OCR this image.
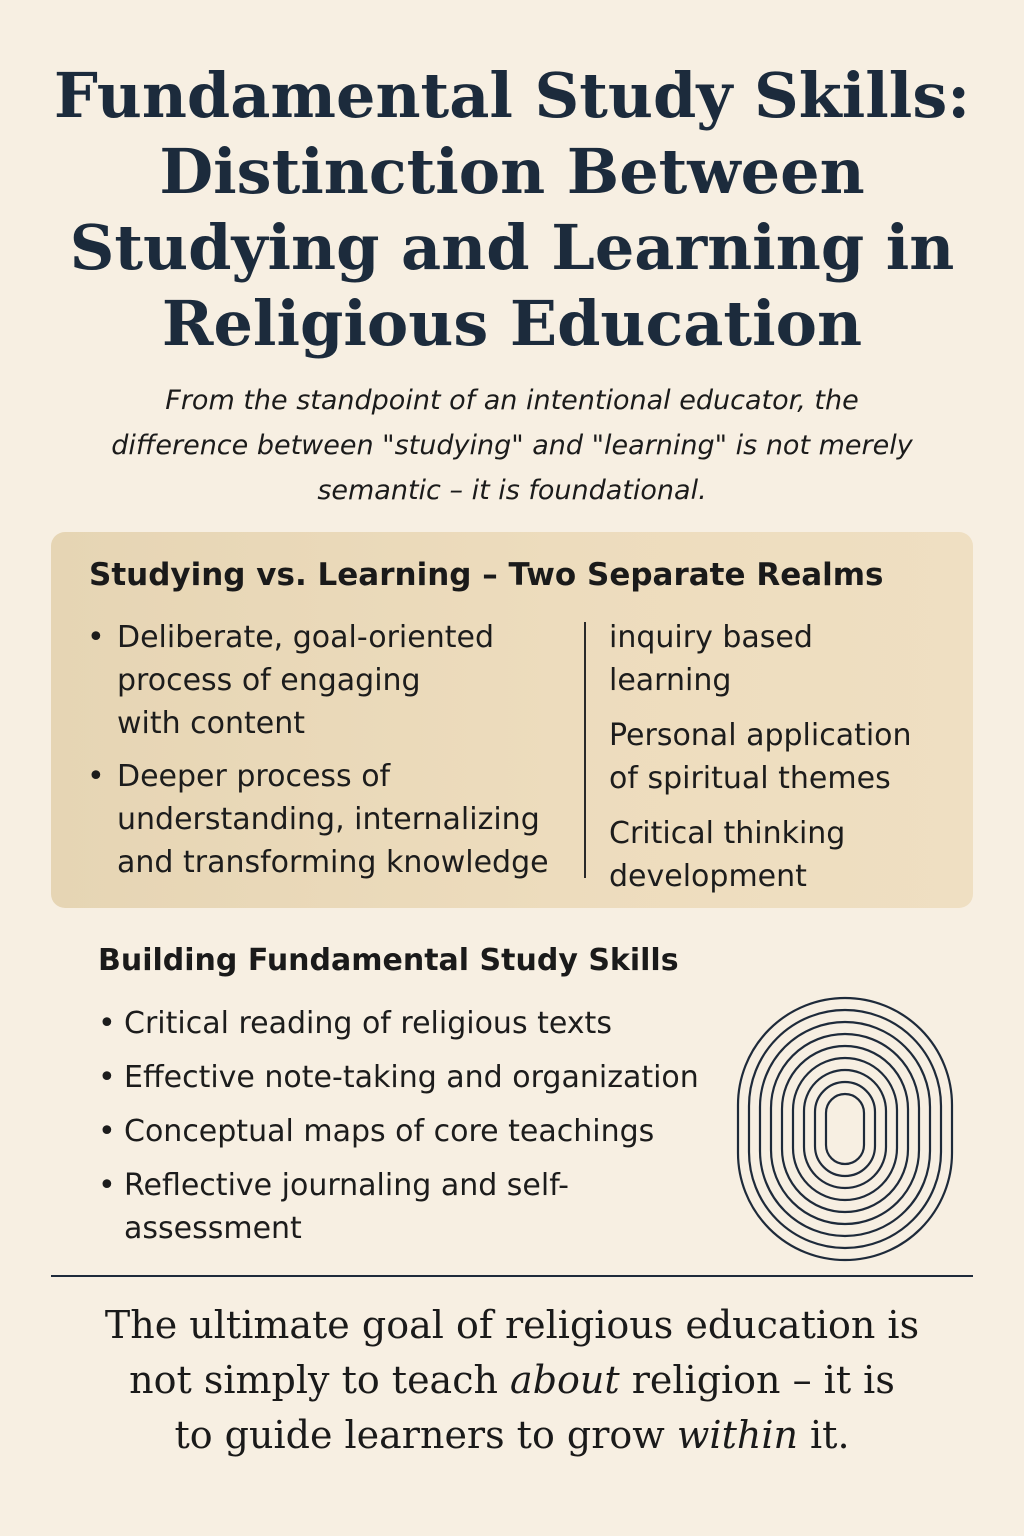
Fundamental Study Skills:
Distinction Between
Studying and Learning in
Religious Education
From the standpoint of an intentional educator, the
difference between "studying" and "learning" is not merely
semantic – it is foundational.
Studying vs. Learning – Two Separate Realms
• Deliberate, goal-oriented
process of engaging
with content
• Deeper process of
understanding, internalizing
and transforming knowledge
inquiry based
learning
Personal application
of spiritual themes
Critical thinking
development
Building Fundamental Study Skills
• Critical reading of religious texts
• Effective note-taking and organization
• Conceptual maps of core teachings
• Reflective journaling and self-
assessment
The ultimate goal of religious education is
not simply to teach about religion – it is
to guide learners to grow within it.
